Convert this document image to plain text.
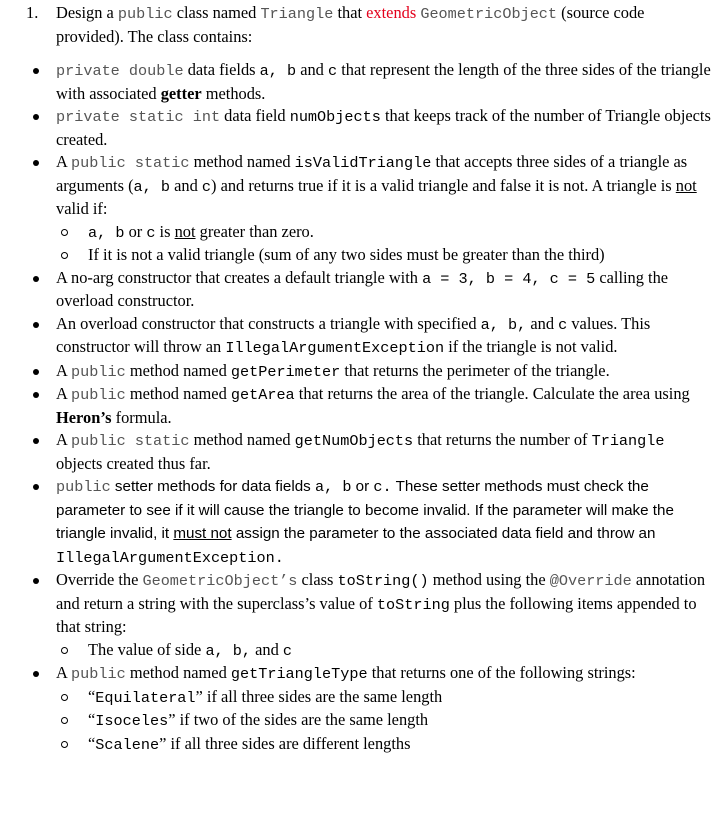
1. Design a public class named Triangle that extends GeometricObject (source code provided). The class contains:
private double data fields a, b and c that represent the length of the three sides of the triangle with associated getter methods.
private static int data field numObjects that keeps track of the number of Triangle objects created.
A public static method named isValidTriangle that accepts three sides of a triangle as arguments (a, b and c) and returns true if it is a valid triangle and false it is not. A triangle is not valid if:
a, b or c is not greater than zero.
If it is not a valid triangle (sum of any two sides must be greater than the third)
A no-arg constructor that creates a default triangle with a = 3, b = 4, c = 5 calling the overload constructor.
An overload constructor that constructs a triangle with specified a, b, and c values. This constructor will throw an IllegalArgumentException if the triangle is not valid.
A public method named getPerimeter that returns the perimeter of the triangle.
A public method named getArea that returns the area of the triangle. Calculate the area using Heron’s formula.
A public static method named getNumObjects that returns the number of Triangle objects created thus far.
public setter methods for data fields a, b or c. These setter methods must check the parameter to see if it will cause the triangle to become invalid. If the parameter will make the triangle invalid, it must not assign the parameter to the associated data field and throw an IllegalArgumentException.
Override the GeometricObject’s class toString() method using the @Override annotation and return a string with the superclass’s value of toString plus the following items appended to that string:
The value of side a, b, and c
A public method named getTriangleType that returns one of the following strings:
“Equilateral” if all three sides are the same length
“Isoceles” if two of the sides are the same length
“Scalene” if all three sides are different lengths
